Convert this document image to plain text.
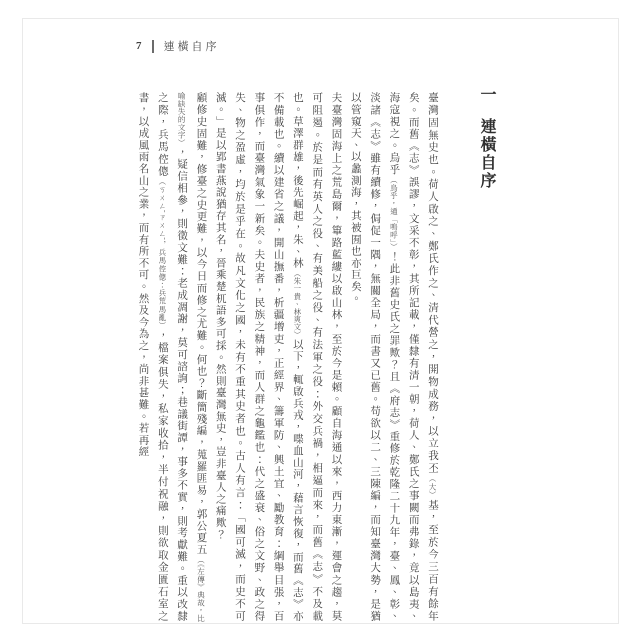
7 連橫自序
一 連橫自序

臺灣固無史也。荷人啟之、鄭氏作之、清代營之，開物成務，以立我丕（大）基，至於今三百有餘年矣。而舊《志》誤謬，文采不彰，其所記載，僅隸有清一朝，荷人、鄭氏之事闕而弗錄，竟以島夷、海寇視之。烏乎（烏乎，通「嗚呼」）！此非舊史氏之罪歟？且《府志》重修於乾隆二十九年，臺、鳳、彰、淡諸《志》雖有續修，侷促一隅，無關全局，而書又已舊。苟欲以二、三陳編，而知臺灣大勢，是猶以管窺天、以蠡測海，其被囿也亦巨矣。

夫臺灣固海上之荒島爾，篳路藍縷以啟山林，至於今是賴。顧自海通以來，西力東漸，運會之趨，莫可阻遏。於是而有英人之役、有美船之役、有法軍之役：外交兵禍，相逼而來，而舊《志》不及載也。草澤群雄，後先崛起，朱、林（朱一貴、林爽文）以下，輒啟兵戎，喋血山河，藉言恢復，而舊《志》亦不備載也。續以建省之議，開山撫番，析疆增吏，正經界、籌軍防、興土宜、勵教育：綱舉目張，百事俱作，而臺灣氣象一新矣。夫史者，民族之精神，而人群之龜鑑也：代之盛衰、俗之文野、政之得失、物之盈虛，均於是乎在。故凡文化之國，未有不重其史者也。古人有言：「國可滅，而史不可滅。」是以郢書燕說猶存其名，晉乘楚杌語多可採。然則臺灣無史，豈非臺人之痛歟？

顧修史固難，修臺之史更難，以今日而修之尤難。何也？斷簡殘編，蒐羅匪易，郭公夏五（《左傳》典故，比喻缺失的文字），疑信相參，則徵文難：老成凋謝，莫可諮詢；巷議街譚，事多不實，則考獻難。重以改隸之際，兵馬倥傯（ㄎㄨㄥˇㄗㄨㄥˇ，兵馬倥傯：兵荒馬亂），檔案俱失，私家收拾，半付祝融，則欲取金匱石室之書，以成風雨名山之業，而有所不可。然及今為之，尚非甚難。若再經
